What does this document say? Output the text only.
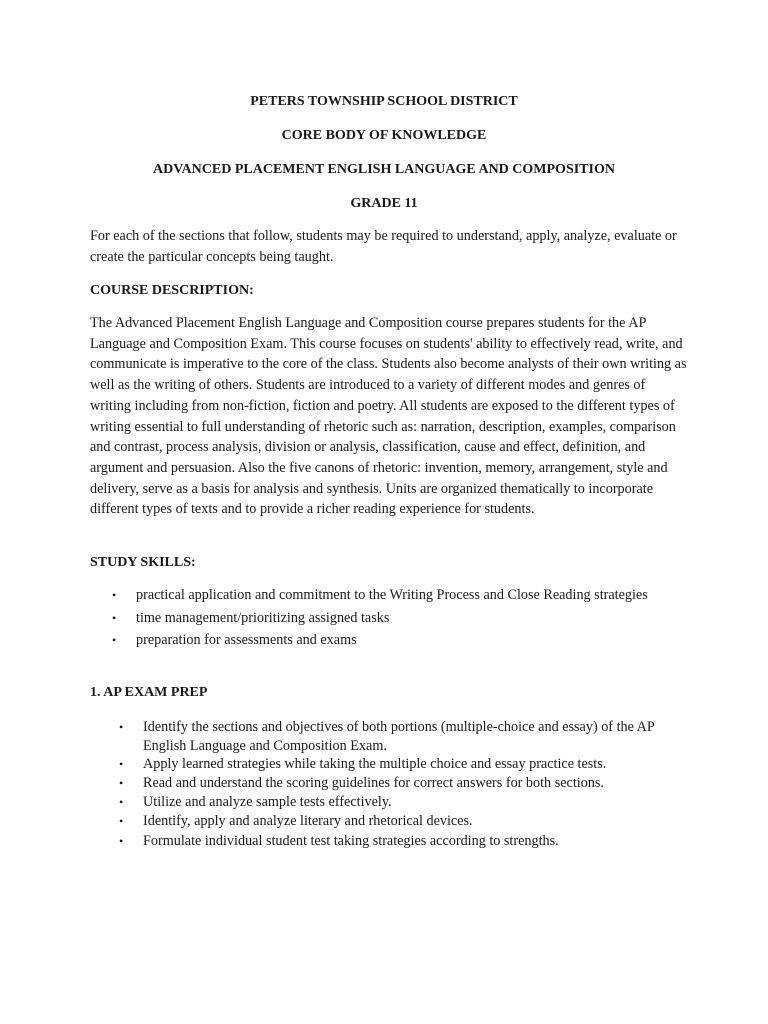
PETERS TOWNSHIP SCHOOL DISTRICT
CORE BODY OF KNOWLEDGE
ADVANCED PLACEMENT ENGLISH LANGUAGE AND COMPOSITION
GRADE 11

For each of the sections that follow, students may be required to understand, apply, analyze, evaluate or create the particular concepts being taught.

COURSE DESCRIPTION:

The Advanced Placement English Language and Composition course prepares students for the AP Language and Composition Exam. This course focuses on students' ability to effectively read, write, and communicate is imperative to the core of the class. Students also become analysts of their own writing as well as the writing of others. Students are introduced to a variety of different modes and genres of writing including from non-fiction, fiction and poetry. All students are exposed to the different types of writing essential to full understanding of rhetoric such as: narration, description, examples, comparison and contrast, process analysis, division or analysis, classification, cause and effect, definition, and argument and persuasion. Also the five canons of rhetoric: invention, memory, arrangement, style and delivery, serve as a basis for analysis and synthesis. Units are organized thematically to incorporate different types of texts and to provide a richer reading experience for students.

STUDY SKILLS:
• practical application and commitment to the Writing Process and Close Reading strategies
• time management/prioritizing assigned tasks
• preparation for assessments and exams
1. AP EXAM PREP
• Identify the sections and objectives of both portions (multiple-choice and essay) of the AP English Language and Composition Exam.
• Apply learned strategies while taking the multiple choice and essay practice tests.
• Read and understand the scoring guidelines for correct answers for both sections.
• Utilize and analyze sample tests effectively.
• Identify, apply and analyze literary and rhetorical devices.
• Formulate individual student test taking strategies according to strengths.
